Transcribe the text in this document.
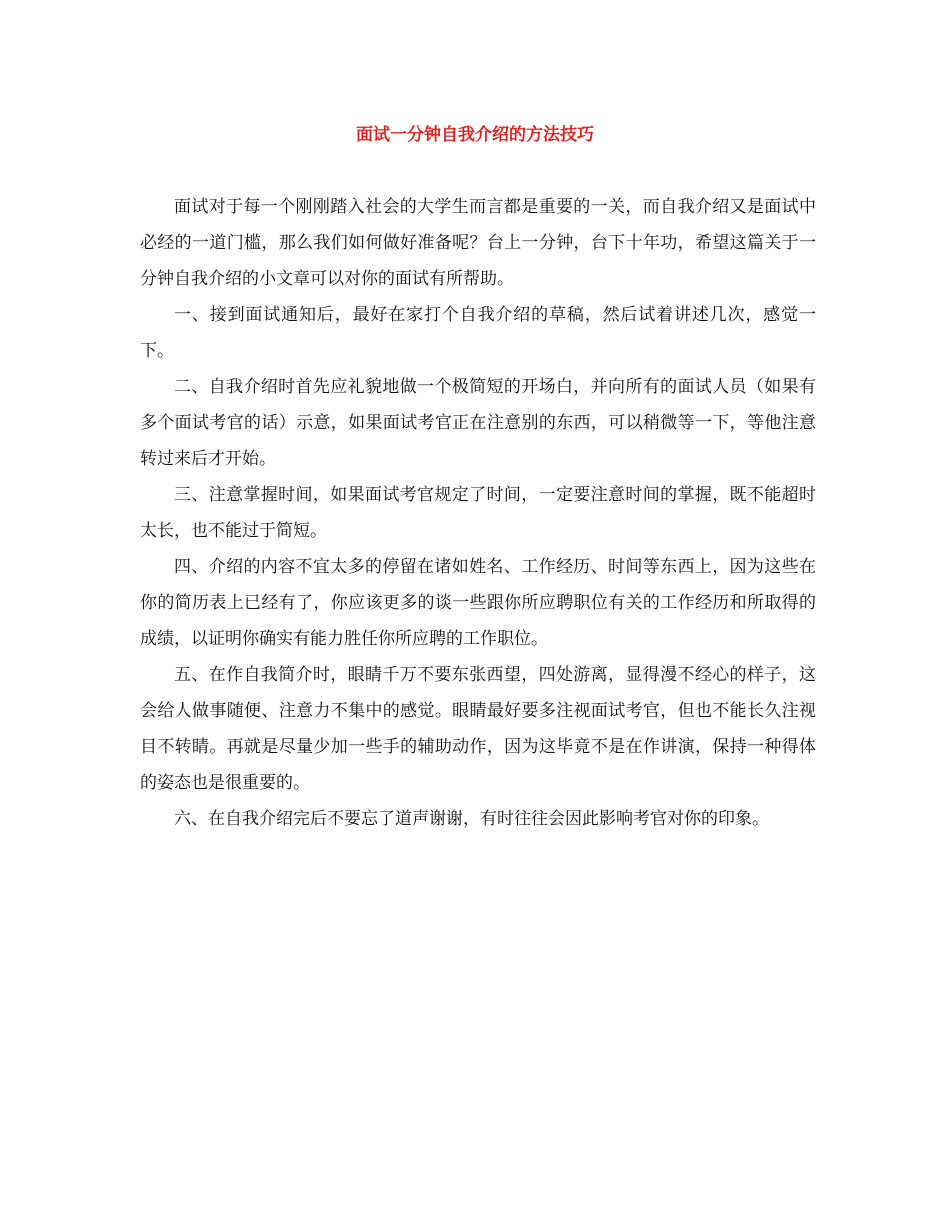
面试一分钟自我介绍的方法技巧

面试对于每一个刚刚踏入社会的大学生而言都是重要的一关，而自我介绍又是面试中必经的一道门槛，那么我们如何做好准备呢？台上一分钟，台下十年功，希望这篇关于一分钟自我介绍的小文章可以对你的面试有所帮助。

一、接到面试通知后，最好在家打个自我介绍的草稿，然后试着讲述几次，感觉一下。

二、自我介绍时首先应礼貌地做一个极简短的开场白，并向所有的面试人员（如果有多个面试考官的话）示意，如果面试考官正在注意别的东西，可以稍微等一下，等他注意转过来后才开始。

三、注意掌握时间，如果面试考官规定了时间，一定要注意时间的掌握，既不能超时太长，也不能过于简短。

四、介绍的内容不宜太多的停留在诸如姓名、工作经历、时间等东西上，因为这些在你的简历表上已经有了，你应该更多的谈一些跟你所应聘职位有关的工作经历和所取得的成绩，以证明你确实有能力胜任你所应聘的工作职位。

五、在作自我简介时，眼睛千万不要东张西望，四处游离，显得漫不经心的样子，这会给人做事随便、注意力不集中的感觉。眼睛最好要多注视面试考官，但也不能长久注视目不转睛。再就是尽量少加一些手的辅助动作，因为这毕竟不是在作讲演，保持一种得体的姿态也是很重要的。

六、在自我介绍完后不要忘了道声谢谢，有时往往会因此影响考官对你的印象。
